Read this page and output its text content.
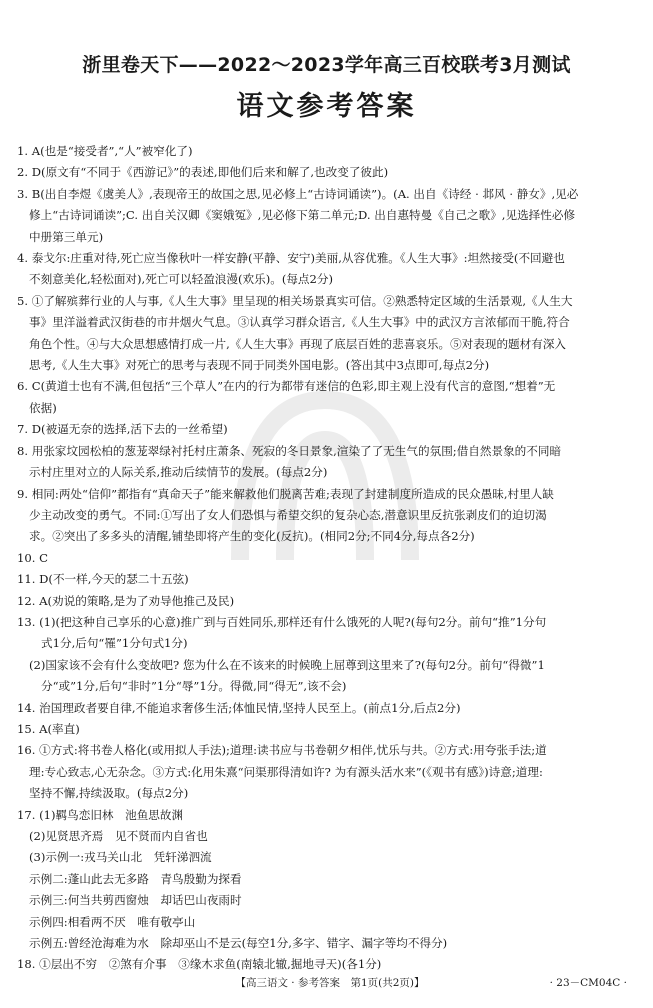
浙里卷天下——2022～2023学年高三百校联考3月测试
语文参考答案
1. A(也是“接受者”,“人”被窄化了)
2. D(原文有“不同于《西游记》”的表述,即他们后来和解了,也改变了彼此)
3. B(出自李煜《虞美人》,表现帝王的故国之思,见必修上“古诗词诵读”)。(A. 出自《诗经 · 邶风 · 静女》,见必
修上“古诗词诵读”;C. 出自关汉卿《窦娥冤》,见必修下第二单元;D. 出自惠特曼《自己之歌》,见选择性必修
中册第三单元)
4. 泰戈尔:庄重对待,死亡应当像秋叶一样安静(平静、安宁)美丽,从容优雅。《人生大事》:坦然接受(不回避也
不刻意美化,轻松面对),死亡可以轻盈浪漫(欢乐)。(每点2分)
5. ①了解殡葬行业的人与事,《人生大事》里呈现的相关场景真实可信。②熟悉特定区域的生活景观,《人生大
事》里洋溢着武汉街巷的市井烟火气息。③认真学习群众语言,《人生大事》中的武汉方言浓郁而干脆,符合
角色个性。④与大众思想感情打成一片,《人生大事》再现了底层百姓的悲喜哀乐。⑤对表现的题材有深入
思考,《人生大事》对死亡的思考与表现不同于同类外国电影。(答出其中3点即可,每点2分)
6. C(黄道士也有不满,但包括“三个草人”在内的行为都带有迷信的色彩,即主观上没有代言的意图,“想着”无
依据)
7. D(被逼无奈的选择,活下去的一丝希望)
8. 用张家坟园松柏的葱茏翠绿衬托村庄萧条、死寂的冬日景象,渲染了了无生气的氛围;借自然景象的不同暗
示村庄里对立的人际关系,推动后续情节的发展。(每点2分)
9. 相同:两处“信仰”都指有“真命天子”能来解救他们脱离苦难;表现了封建制度所造成的民众愚昧,村里人缺
少主动改变的勇气。不同:①写出了女人们恐惧与希望交织的复杂心态,潜意识里反抗张剥皮们的迫切渴
求。②突出了多多头的清醒,铺垫即将产生的变化(反抗)。(相同2分;不同4分,每点各2分)
10. C
11. D(不一样,今天的瑟二十五弦)
12. A(劝说的策略,是为了劝导他推己及民)
13. (1)(把这种自己享乐的心意)推广到与百姓同乐,那样还有什么饿死的人呢?(每句2分。前句“推”1分句
式1分,后句“罹”1分句式1分)
(2)国家该不会有什么变故吧? 您为什么在不该来的时候晚上屈尊到这里来了?(每句2分。前句“得微”1
分“或”1分,后句“非时”1分“辱”1分。得微,同“得无”,该不会)
14. 治国理政者要自律,不能追求奢侈生活;体恤民情,坚持人民至上。(前点1分,后点2分)
15. A(率直)
16. ①方式:将书卷人格化(或用拟人手法);道理:读书应与书卷朝夕相伴,忧乐与共。②方式:用夸张手法;道
理:专心致志,心无杂念。③方式:化用朱熹“问渠那得清如许? 为有源头活水来”(《观书有感》)诗意;道理:
坚持不懈,持续汲取。(每点2分)
17. (1)羁鸟恋旧林　池鱼思故渊
(2)见贤思齐焉　见不贤而内自省也
(3)示例一:戎马关山北　凭轩涕泗流
示例二:蓬山此去无多路　青鸟殷勤为探看
示例三:何当共剪西窗烛　却话巴山夜雨时
示例四:相看两不厌　唯有敬亭山
示例五:曾经沧海难为水　除却巫山不是云(每空1分,多字、错字、漏字等均不得分)
18. ①层出不穷　②煞有介事　③缘木求鱼(南辕北辙,掘地寻天)(各1分)
【高三语文 · 参考答案　第1页(共2页)】	· 23－CM04C ·
